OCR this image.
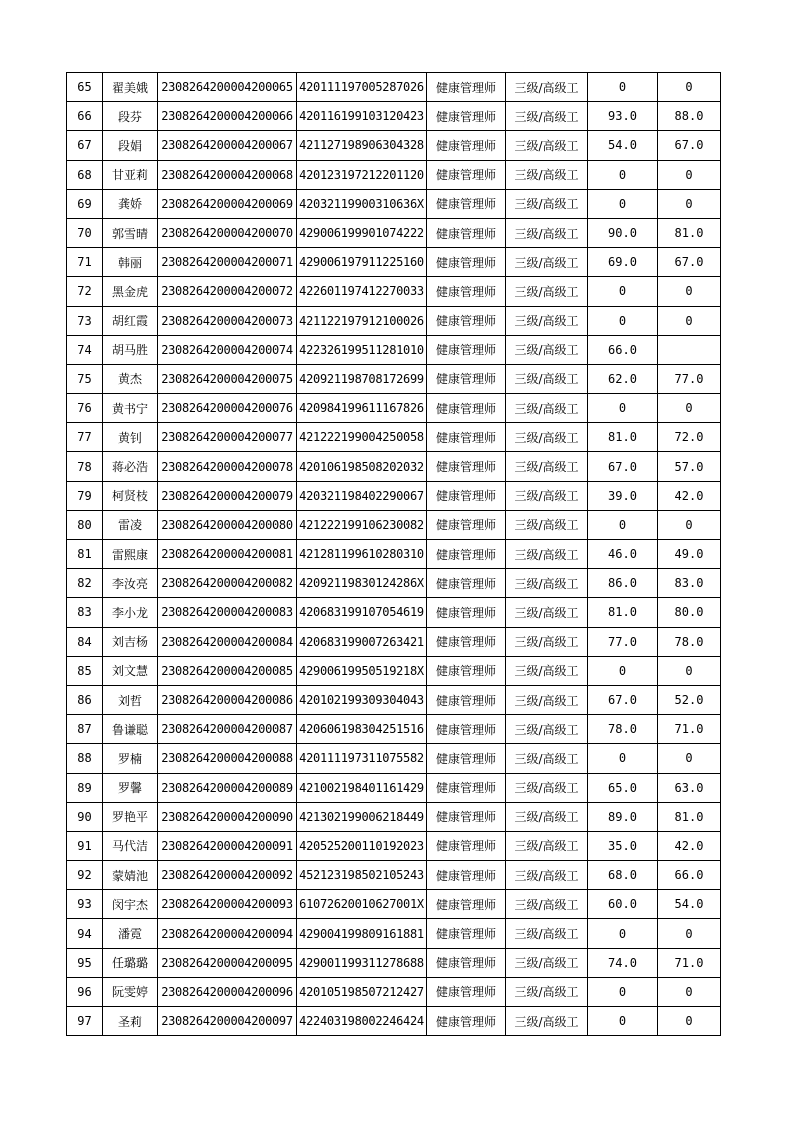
65	翟美娥	2308264200004200065	420111197005287026	健康管理师	三级/高级工	0	0
66	段芬	2308264200004200066	420116199103120423	健康管理师	三级/高级工	93.0	88.0
67	段娟	2308264200004200067	421127198906304328	健康管理师	三级/高级工	54.0	67.0
68	甘亚莉	2308264200004200068	420123197212201120	健康管理师	三级/高级工	0	0
69	龚娇	2308264200004200069	42032119900310636X	健康管理师	三级/高级工	0	0
70	郭雪晴	2308264200004200070	429006199901074222	健康管理师	三级/高级工	90.0	81.0
71	韩丽	2308264200004200071	429006197911225160	健康管理师	三级/高级工	69.0	67.0
72	黑金虎	2308264200004200072	422601197412270033	健康管理师	三级/高级工	0	0
73	胡红霞	2308264200004200073	421122197912100026	健康管理师	三级/高级工	0	0
74	胡马胜	2308264200004200074	422326199511281010	健康管理师	三级/高级工	66.0	
75	黄杰	2308264200004200075	420921198708172699	健康管理师	三级/高级工	62.0	77.0
76	黄书宁	2308264200004200076	420984199611167826	健康管理师	三级/高级工	0	0
77	黄钊	2308264200004200077	421222199004250058	健康管理师	三级/高级工	81.0	72.0
78	蒋必浩	2308264200004200078	420106198508202032	健康管理师	三级/高级工	67.0	57.0
79	柯贤枝	2308264200004200079	420321198402290067	健康管理师	三级/高级工	39.0	42.0
80	雷凌	2308264200004200080	421222199106230082	健康管理师	三级/高级工	0	0
81	雷熙康	2308264200004200081	421281199610280310	健康管理师	三级/高级工	46.0	49.0
82	李汝亮	2308264200004200082	42092119830124286X	健康管理师	三级/高级工	86.0	83.0
83	李小龙	2308264200004200083	420683199107054619	健康管理师	三级/高级工	81.0	80.0
84	刘吉杨	2308264200004200084	420683199007263421	健康管理师	三级/高级工	77.0	78.0
85	刘文慧	2308264200004200085	42900619950519218X	健康管理师	三级/高级工	0	0
86	刘哲	2308264200004200086	420102199309304043	健康管理师	三级/高级工	67.0	52.0
87	鲁谦聪	2308264200004200087	420606198304251516	健康管理师	三级/高级工	78.0	71.0
88	罗楠	2308264200004200088	420111197311075582	健康管理师	三级/高级工	0	0
89	罗馨	2308264200004200089	421002198401161429	健康管理师	三级/高级工	65.0	63.0
90	罗艳平	2308264200004200090	421302199006218449	健康管理师	三级/高级工	89.0	81.0
91	马代洁	2308264200004200091	420525200110192023	健康管理师	三级/高级工	35.0	42.0
92	蒙婧池	2308264200004200092	452123198502105243	健康管理师	三级/高级工	68.0	66.0
93	闵宇杰	2308264200004200093	61072620010627001X	健康管理师	三级/高级工	60.0	54.0
94	潘霓	2308264200004200094	429004199809161881	健康管理师	三级/高级工	0	0
95	任璐璐	2308264200004200095	429001199311278688	健康管理师	三级/高级工	74.0	71.0
96	阮雯婷	2308264200004200096	420105198507212427	健康管理师	三级/高级工	0	0
97	圣莉	2308264200004200097	422403198002246424	健康管理师	三级/高级工	0	0
